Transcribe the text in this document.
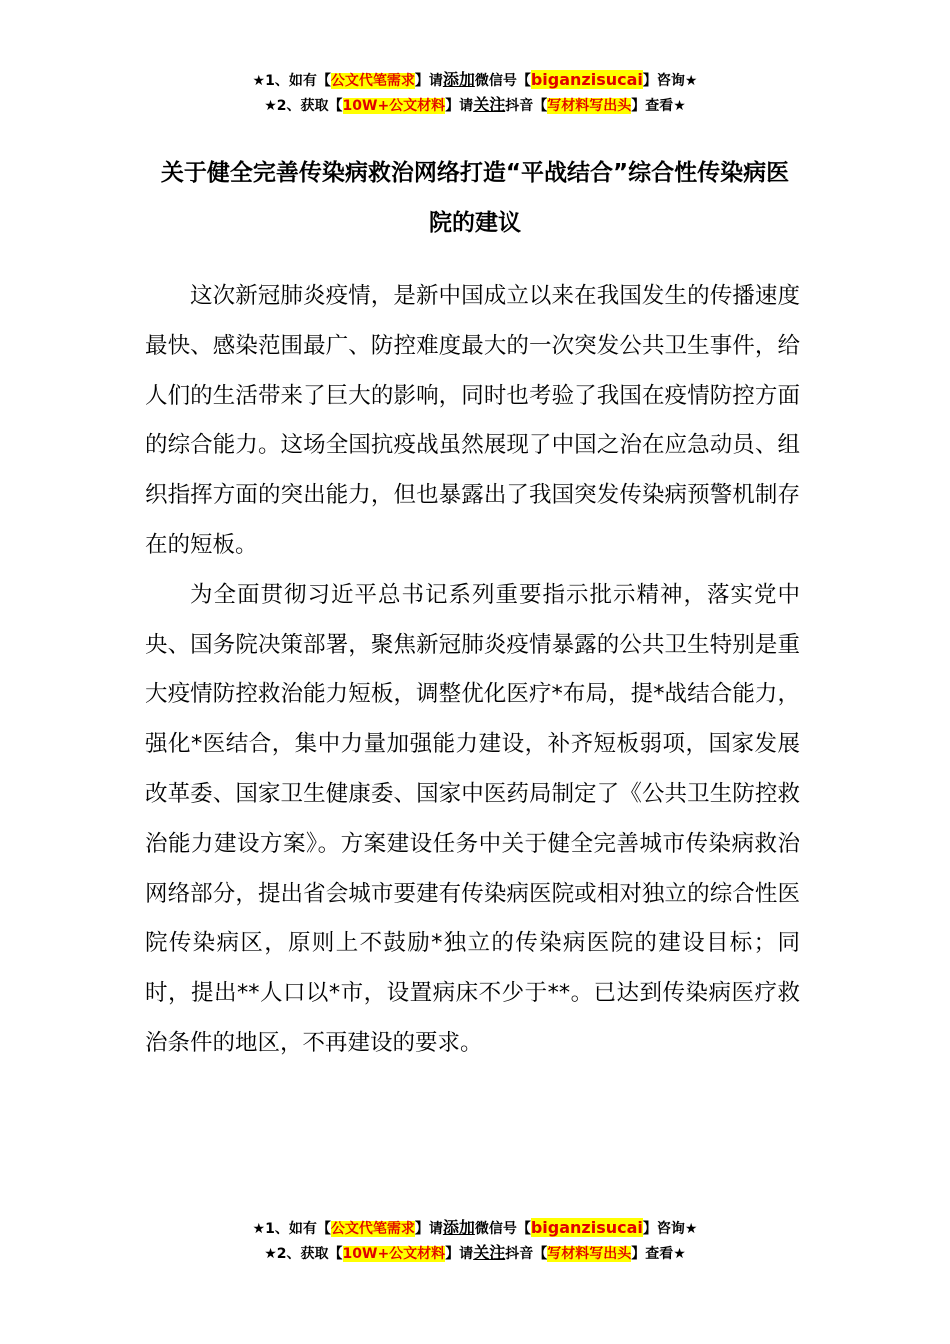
★1、如有【公文代笔需求】请添加微信号【biganzisucai】咨询★
★2、获取【10W+公文材料】请关注抖音【写材料写出头】查看★
关于健全完善传染病救治网络打造“平战结合”综合性传染病医院的建议

这次新冠肺炎疫情，是新中国成立以来在我国发生的传播速度最快、感染范围最广、防控难度最大的一次突发公共卫生事件，给人们的生活带来了巨大的影响，同时也考验了我国在疫情防控方面的综合能力。这场全国抗疫战虽然展现了中国之治在应急动员、组织指挥方面的突出能力，但也暴露出了我国突发传染病预警机制存在的短板。

为全面贯彻习近平总书记系列重要指示批示精神，落实党中央、国务院决策部署，聚焦新冠肺炎疫情暴露的公共卫生特别是重大疫情防控救治能力短板，调整优化医疗*布局，提*战结合能力，强化*医结合，集中力量加强能力建设，补齐短板弱项，国家发展改革委、国家卫生健康委、国家中医药局制定了《公共卫生防控救治能力建设方案》。方案建设任务中关于健全完善城市传染病救治网络部分，提出省会城市要建有传染病医院或相对独立的综合性医院传染病区，原则上不鼓励*独立的传染病医院的建设目标；同时，提出**人口以*市，设置病床不少于**。已达到传染病医疗救治条件的地区，不再建设的要求。

★1、如有【公文代笔需求】请添加微信号【biganzisucai】咨询★
★2、获取【10W+公文材料】请关注抖音【写材料写出头】查看★
